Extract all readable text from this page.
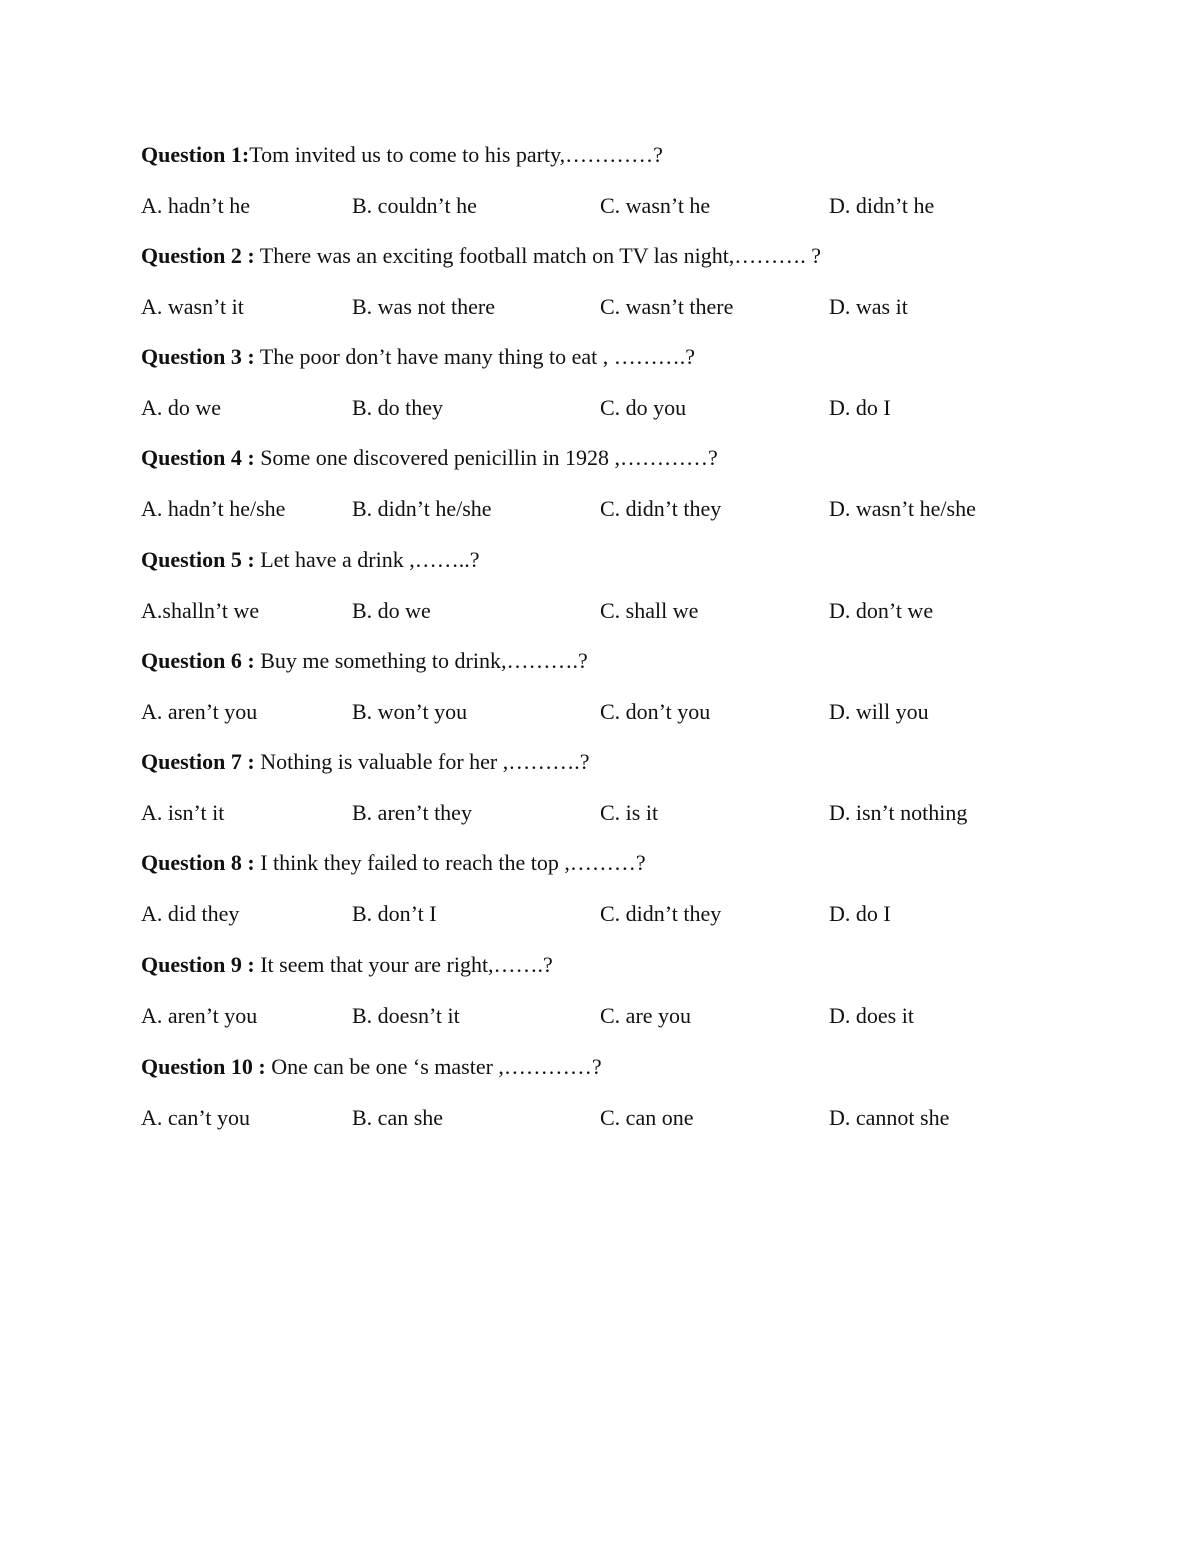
Question 1:Tom invited us to come to his party,…………?
A. hadn’t he	B. couldn’t he	C. wasn’t he	D. didn’t he
Question 2 : There was an exciting football match on TV las night,………. ?
A. wasn’t it	B. was not there	C. wasn’t there	D. was it
Question 3 : The poor don’t have many thing to eat , ……….?
A. do we	B. do they	C. do you	D. do I
Question 4 : Some one discovered penicillin in 1928 ,…………?
A. hadn’t he/she	B. didn’t he/she	C. didn’t they	D. wasn’t he/she
Question 5 : Let have a drink ,……..?
A.shalln’t we	B. do we	C. shall we	D. don’t we
Question 6 : Buy me something to drink,……….?
A. aren’t you	B. won’t you	C. don’t you	D. will you
Question 7 : Nothing is valuable for her ,……….?
A. isn’t it	B. aren’t they	C. is it	D. isn’t nothing
Question 8 : I think they failed to reach the top ,………?
A. did they	B. don’t I	C. didn’t they	D. do I
Question 9 : It seem that your are right,…….?
A. aren’t you	B. doesn’t it	C. are you	D. does it
Question 10 : One can be one ‘s master ,…………?
A. can’t you	B. can she	C. can one	D. cannot she
